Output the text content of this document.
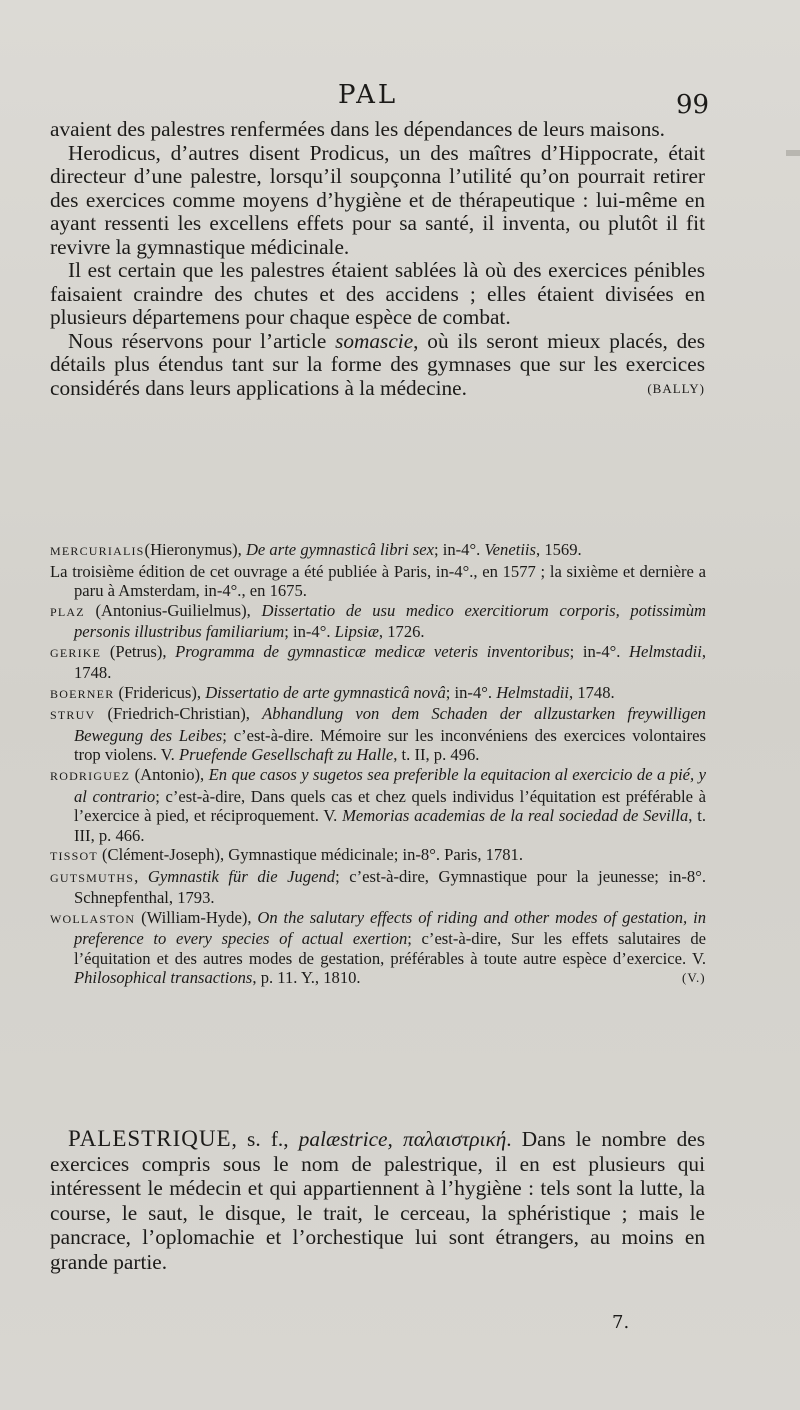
PAL	99

avaient des palestres renfermées dans les dépendances de leurs maisons.

Herodicus, d’autres disent Prodicus, un des maîtres d’Hippocrate, était directeur d’une palestre, lorsqu’il soupçonna l’utilité qu’on pourrait retirer des exercices comme moyens d’hygiène et de thérapeutique : lui-même en ayant ressenti les excellens effets pour sa santé, il inventa, ou plutôt il fit revivre la gymnastique médicinale.

Il est certain que les palestres étaient sablées là où des exercices pénibles faisaient craindre des chutes et des accidens ; elles étaient divisées en plusieurs départemens pour chaque espèce de combat.

Nous réservons pour l’article somascie, où ils seront mieux placés, des détails plus étendus tant sur la forme des gymnases que sur les exercices considérés dans leurs applications à la médecine.	(BALLY)

MERCURIALIS(Hieronymus), De arte gymnasticâ libri sex; in-4°. Venetiis, 1569.

La troisième édition de cet ouvrage a été publiée à Paris, in-4°., en 1577 ; la sixième et dernière a paru à Amsterdam, in-4°., en 1675.

PLAZ (Antonius-Guilielmus), Dissertatio de usu medico exercitiorum corporis, potissimùm personis illustribus familiarium; in-4°. Lipsiæ, 1726.

GERIKE (Petrus), Programma de gymnasticæ medicæ veteris inventoribus; in-4°. Helmstadii, 1748.

BOERNER (Fridericus), Dissertatio de arte gymnasticâ novâ; in-4°. Helmstadii, 1748.

STRUV (Friedrich-Christian), Abhandlung von dem Schaden der allzustarken freywilligen Bewegung des Leibes; c’est-à-dire. Mémoire sur les inconvéniens des exercices volontaires trop violens. V. Pruefende Gesellschaft zu Halle, t. II, p. 496.

RODRIGUEZ (Antonio), En que casos y sugetos sea preferible la equitacion al exercicio de a pié, y al contrario; c’est-à-dire, Dans quels cas et chez quels individus l’équitation est préférable à l’exercice à pied, et réciproquement. V. Memorias academias de la real sociedad de Sevilla, t. III, p. 466.

TISSOT (Clément-Joseph), Gymnastique médicinale; in-8°. Paris, 1781.

GUTSMUTHS, Gymnastik für die Jugend; c’est-à-dire, Gymnastique pour la jeunesse; in-8°. Schnepfenthal, 1793.

WOLLASTON (William-Hyde), On the salutary effects of riding and other modes of gestation, in preference to every species of actual exertion; c’est-à-dire, Sur les effets salutaires de l’équitation et des autres modes de gestation, préférables à toute autre espèce d’exercice. V. Philosophical transactions, p. 11. Y., 1810.	(V.)

PALESTRIQUE, s. f., palæstrice, παλαιστρική. Dans le nombre des exercices compris sous le nom de palestrique, il en est plusieurs qui intéressent le médecin et qui appartiennent à l’hygiène : tels sont la lutte, la course, le saut, le disque, le trait, le cerceau, la sphéristique ; mais le pancrace, l’oplomachie et l’orchestique lui sont étrangers, au moins en grande partie.

7.
